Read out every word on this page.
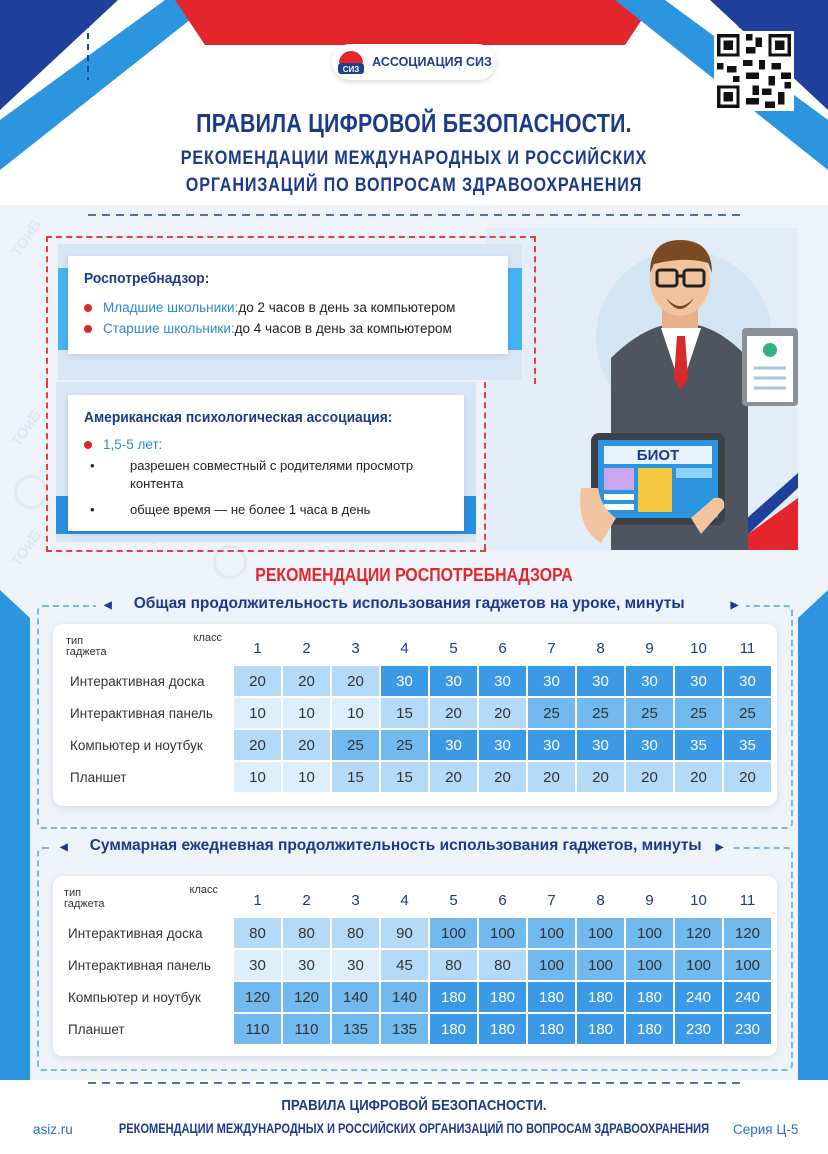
ТОиБ
ТОиБ
ТОиБ
СИЗ
АССОЦИАЦИЯ СИЗ
ПРАВИЛА ЦИФРОВОЙ БЕЗОПАСНОСТИ.
РЕКОМЕНДАЦИИ МЕЖДУНАРОДНЫХ И РОССИЙСКИХ
ОРГАНИЗАЦИЙ ПО ВОПРОСАМ ЗДРАВООХРАНЕНИЯ
БИОТ
Роспотребнадзор:
Младшие школьники: до 2 часов в день за компьютером
Старшие школьники: до 4 часов в день за компьютером
Американская психологическая ассоциация:
1,5-5 лет:
• разрешен совместный с родителями просмотр контента
• общее время — не более 1 часа в день
РЕКОМЕНДАЦИИ РОСПОТРЕБНАДЗОРА
◀ Общая продолжительность использования гаджетов на уроке, минуты	▶
класс
тип
гаджета	1	2	3	4	5	6	7	8	9	10	11
Интерактивная доска	20	20	20	30	30	30	30	30	30	30	30
Интерактивная панель	10	10	10	15	20	20	25	25	25	25	25
Компьютер и ноутбук	20	20	25	25	30	30	30	30	30	35	35
Планшет	10	10	15	15	20	20	20	20	20	20	20
◀ Суммарная ежедневная продолжительность использования гаджетов, минуты ▶
класс
тип
гаджета	1	2	3	4	5	6	7	8	9	10	11
Интерактивная доска	80	80	80	90	100	100	100	100	100	120	120
Интерактивная панель	30	30	30	45	80	80	100	100	100	100	100
Компьютер и ноутбук	120	120	140	140	180	180	180	180	180	240	240
Планшет	110	110	135	135	180	180	180	180	180	230	230
ПРАВИЛА ЦИФРОВОЙ БЕЗОПАСНОСТИ.
РЕКОМЕНДАЦИИ МЕЖДУНАРОДНЫХ И РОССИЙСКИХ ОРГАНИЗАЦИЙ ПО ВОПРОСАМ ЗДРАВООХРАНЕНИЯ
asiz.ru	Серия Ц-5
